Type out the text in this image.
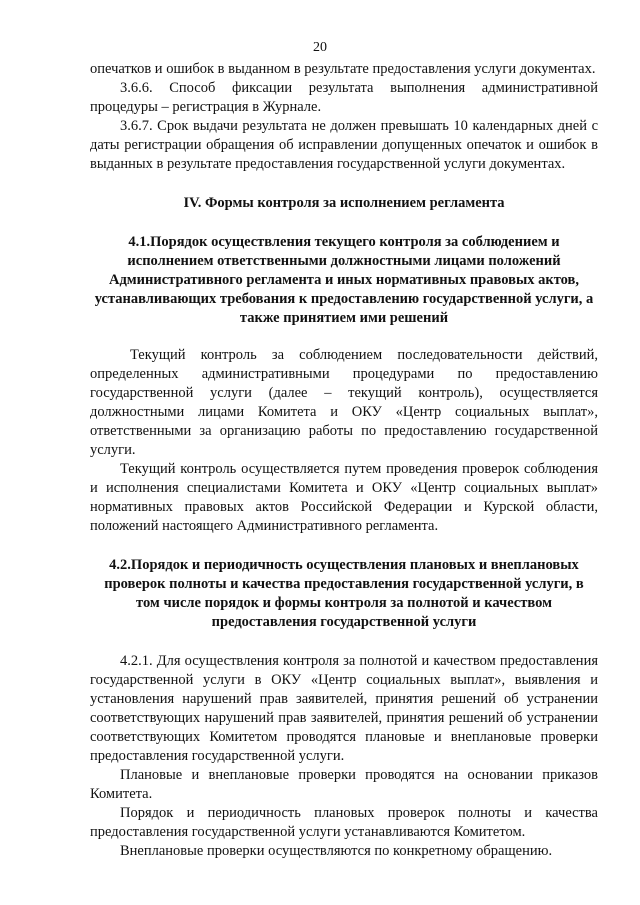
20

опечатков и ошибок в выданном в результате предоставления услуги документах.

3.6.6. Способ фиксации результата выполнения административной процедуры – регистрация в Журнале.

3.6.7. Срок выдачи результата не должен превышать 10 календарных дней с даты регистрации обращения об исправлении допущенных опечаток и ошибок в выданных в результате предоставления государственной услуги документах.

IV. Формы контроля за исполнением регламента
4.1.Порядок осуществления текущего контроля за соблюдением и исполнением ответственными должностными лицами положений Административного регламента и иных нормативных правовых актов, устанавливающих требования к предоставлению государственной услуги, а также принятием ими решений

Текущий контроль за соблюдением последовательности действий, определенных административными процедурами по предоставлению государственной услуги (далее – текущий контроль), осуществляется должностными лицами Комитета и ОКУ «Центр социальных выплат», ответственными за организацию работы по предоставлению государственной услуги.

Текущий контроль осуществляется путем проведения проверок соблюдения и исполнения специалистами Комитета и ОКУ «Центр социальных выплат» нормативных правовых актов Российской Федерации и Курской области, положений настоящего Административного регламента.

4.2.Порядок и периодичность осуществления плановых и внеплановых проверок полноты и качества предоставления государственной услуги, в том числе порядок и формы контроля за полнотой и качеством предоставления государственной услуги

4.2.1. Для осуществления контроля за полнотой и качеством предоставления государственной услуги в ОКУ «Центр социальных выплат», выявления и установления нарушений прав заявителей, принятия решений об устранении соответствующих нарушений прав заявителей, принятия решений об устранении соответствующих Комитетом проводятся плановые и внеплановые проверки предоставления государственной услуги.

Плановые и внеплановые проверки проводятся на основании приказов Комитета.

Порядок и периодичность плановых проверок полноты и качества предоставления государственной услуги устанавливаются Комитетом.

Внеплановые проверки осуществляются по конкретному обращению.
